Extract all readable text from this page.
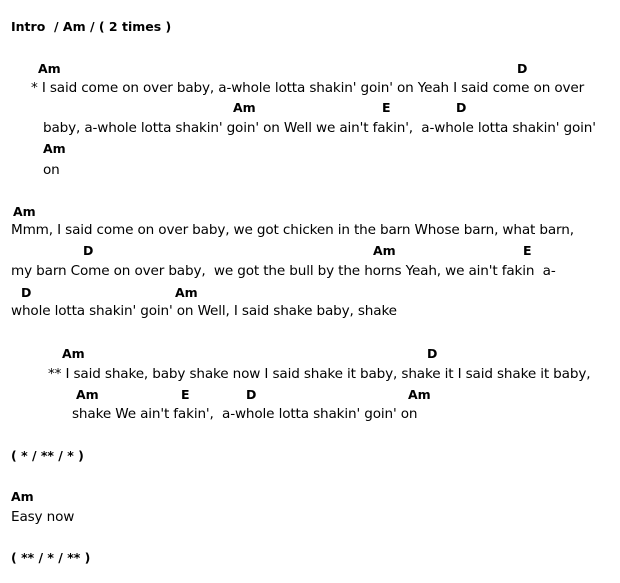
Intro  / Am / ( 2 times )
Am	D
* I said come on over baby, a-whole lotta shakin' goin' on Yeah I said come on over
Am	E	D
baby, a-whole lotta shakin' goin' on Well we ain't fakin',  a-whole lotta shakin' goin'
Am
on
Am
Mmm, I said come on over baby, we got chicken in the barn Whose barn, what barn,
D	Am	E
my barn Come on over baby,  we got the bull by the horns Yeah, we ain't fakin  a-
D	Am
whole lotta shakin' goin' on Well, I said shake baby, shake
Am	D
** I said shake, baby shake now I said shake it baby, shake it I said shake it baby,
Am	E	D	Am
shake We ain't fakin',  a-whole lotta shakin' goin' on
( * / ** / * )
Am
Easy now
( ** / * / ** )
